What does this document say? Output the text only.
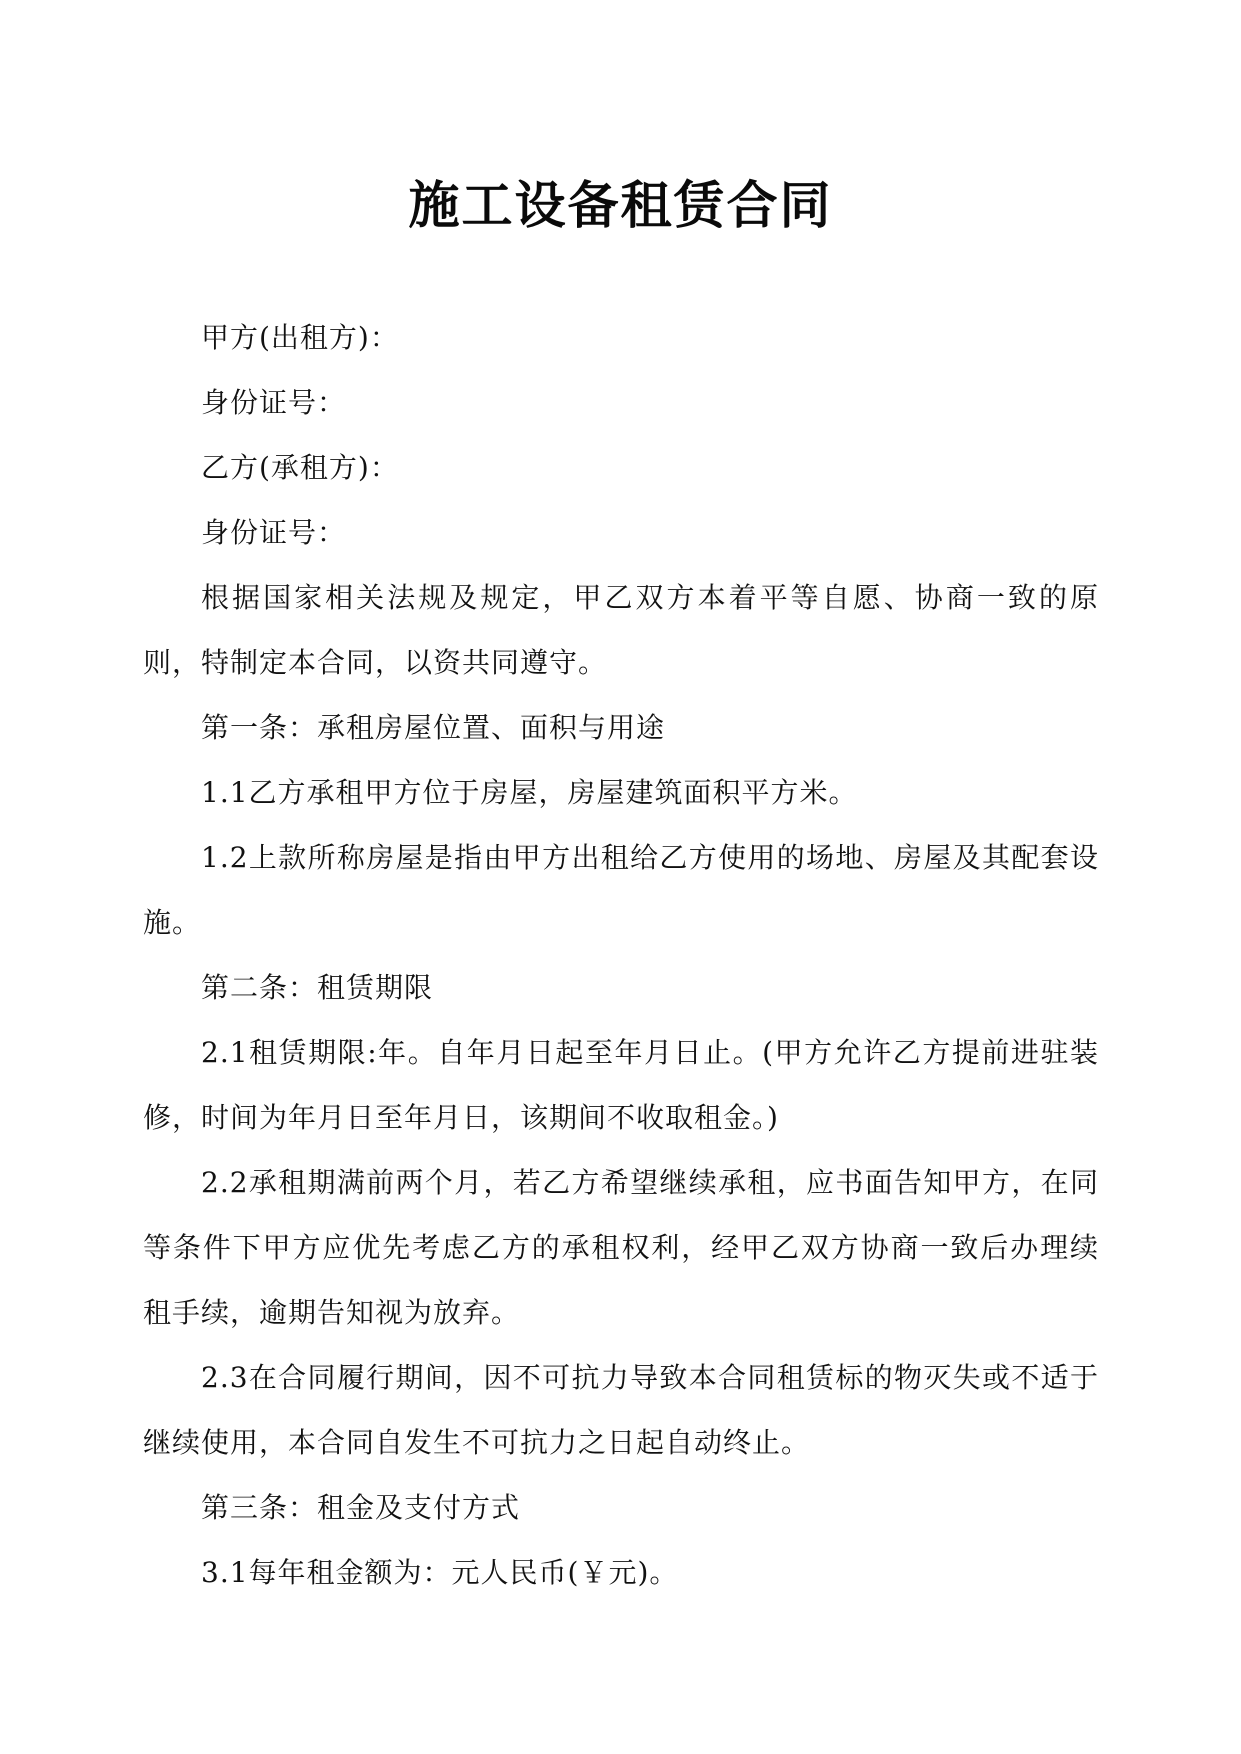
施工设备租赁合同

甲方(出租方)：

身份证号：

乙方(承租方)：

身份证号：

根据国家相关法规及规定，甲乙双方本着平等自愿、协商一致的原则，特制定本合同，以资共同遵守。

第一条：承租房屋位置、面积与用途

1.1乙方承租甲方位于房屋，房屋建筑面积平方米。

1.2上款所称房屋是指由甲方出租给乙方使用的场地、房屋及其配套设施。

第二条：租赁期限

2.1租赁期限:年。自年月日起至年月日止。(甲方允许乙方提前进驻装修，时间为年月日至年月日，该期间不收取租金。)

2.2承租期满前两个月，若乙方希望继续承租，应书面告知甲方，在同等条件下甲方应优先考虑乙方的承租权利，经甲乙双方协商一致后办理续租手续，逾期告知视为放弃。

2.3在合同履行期间，因不可抗力导致本合同租赁标的物灭失或不适于继续使用，本合同自发生不可抗力之日起自动终止。

第三条：租金及支付方式

3.1每年租金额为：元人民币(￥元)。
